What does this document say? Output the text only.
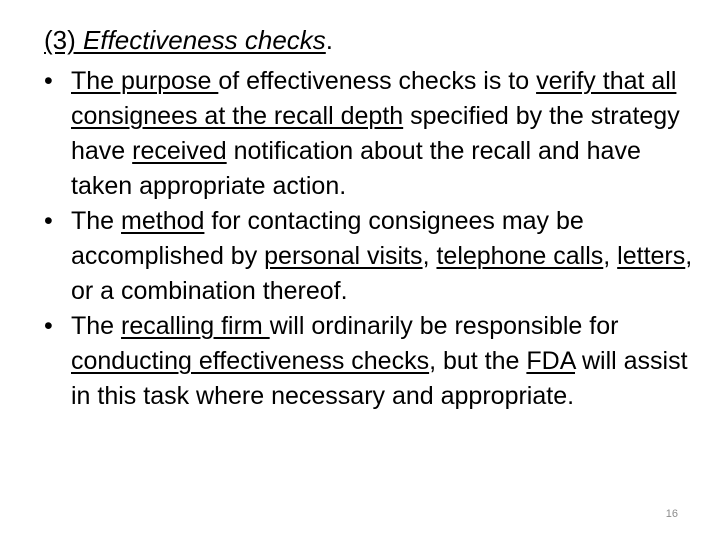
(3) Effectiveness checks.
• The purpose of effectiveness checks is to verify that all consignees at the recall depth specified by the strategy have received notification about the recall and have taken appropriate action.
• The method for contacting consignees may be accomplished by personal visits, telephone calls, letters, or a combination thereof.
• The recalling firm will ordinarily be responsible for conducting effectiveness checks, but the FDA will assist in this task where necessary and appropriate.
16
